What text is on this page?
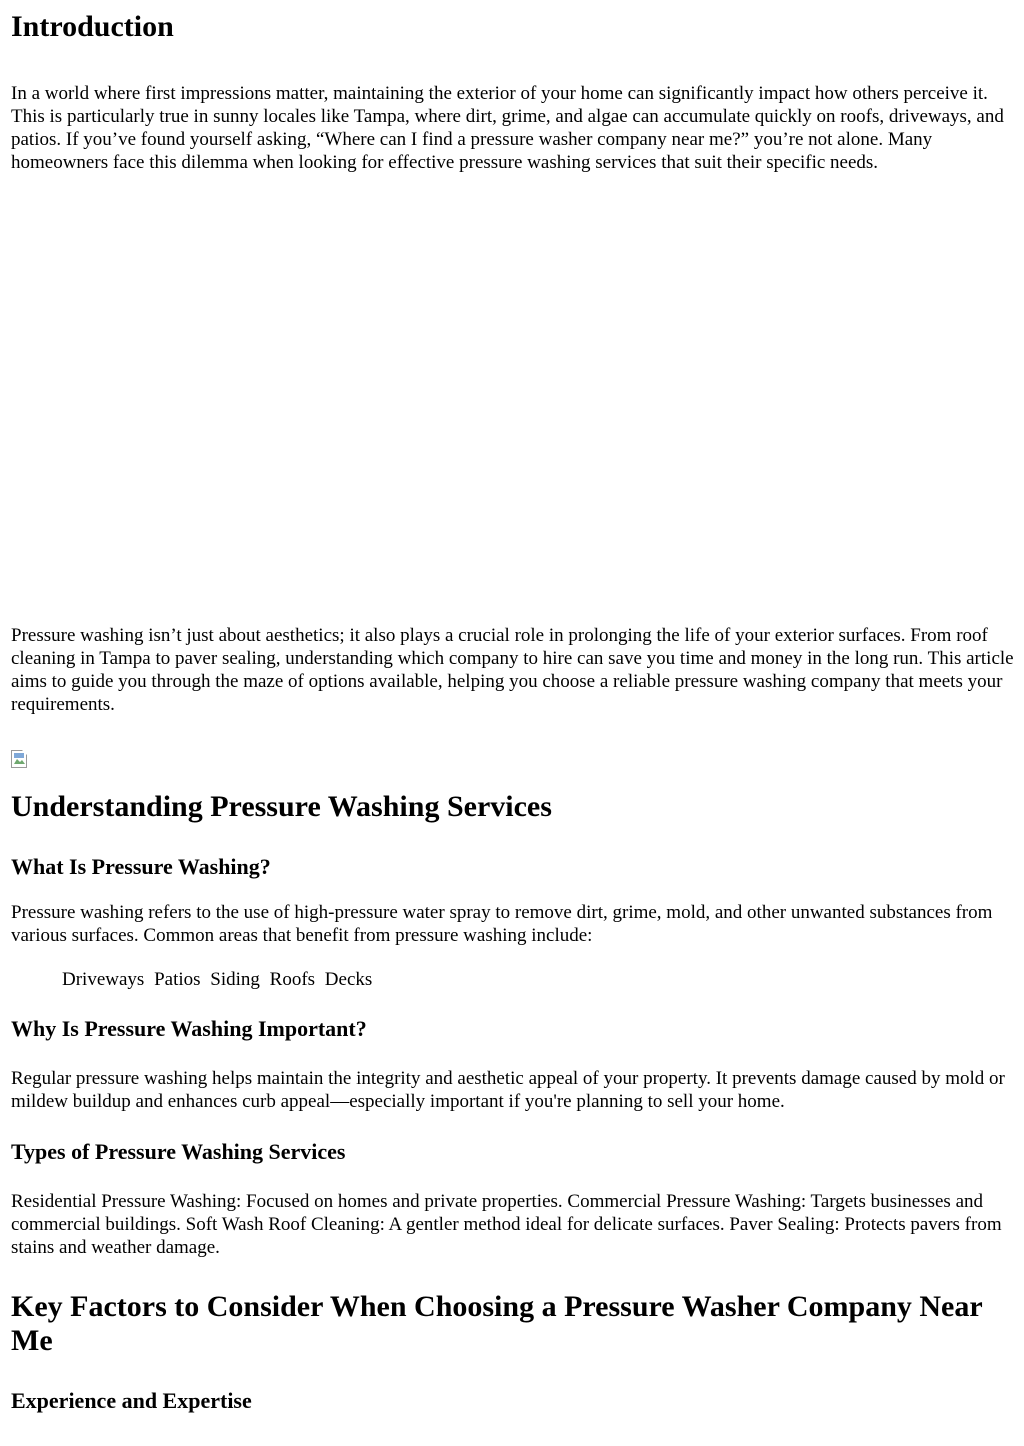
Introduction

In a world where first impressions matter, maintaining the exterior of your home can significantly impact how others perceive it. This is particularly true in sunny locales like Tampa, where dirt, grime, and algae can accumulate quickly on roofs, driveways, and patios. If you’ve found yourself asking, “Where can I find a pressure washer company near me?” you’re not alone. Many homeowners face this dilemma when looking for effective pressure washing services that suit their specific needs.

Pressure washing isn’t just about aesthetics; it also plays a crucial role in prolonging the life of your exterior surfaces. From roof cleaning in Tampa to paver sealing, understanding which company to hire can save you time and money in the long run. This article aims to guide you through the maze of options available, helping you choose a reliable pressure washing company that meets your requirements.

Understanding Pressure Washing Services
What Is Pressure Washing?

Pressure washing refers to the use of high-pressure water spray to remove dirt, grime, mold, and other unwanted substances from various surfaces. Common areas that benefit from pressure washing include:

Driveways Patios Siding Roofs Decks
Why Is Pressure Washing Important?

Regular pressure washing helps maintain the integrity and aesthetic appeal of your property. It prevents damage caused by mold or mildew buildup and enhances curb appeal—especially important if you're planning to sell your home.

Types of Pressure Washing Services

Residential Pressure Washing: Focused on homes and private properties. Commercial Pressure Washing: Targets businesses and commercial buildings. Soft Wash Roof Cleaning: A gentler method ideal for delicate surfaces. Paver Sealing: Protects pavers from stains and weather damage.

Key Factors to Consider When Choosing a Pressure Washer Company Near Me
Experience and Expertise
